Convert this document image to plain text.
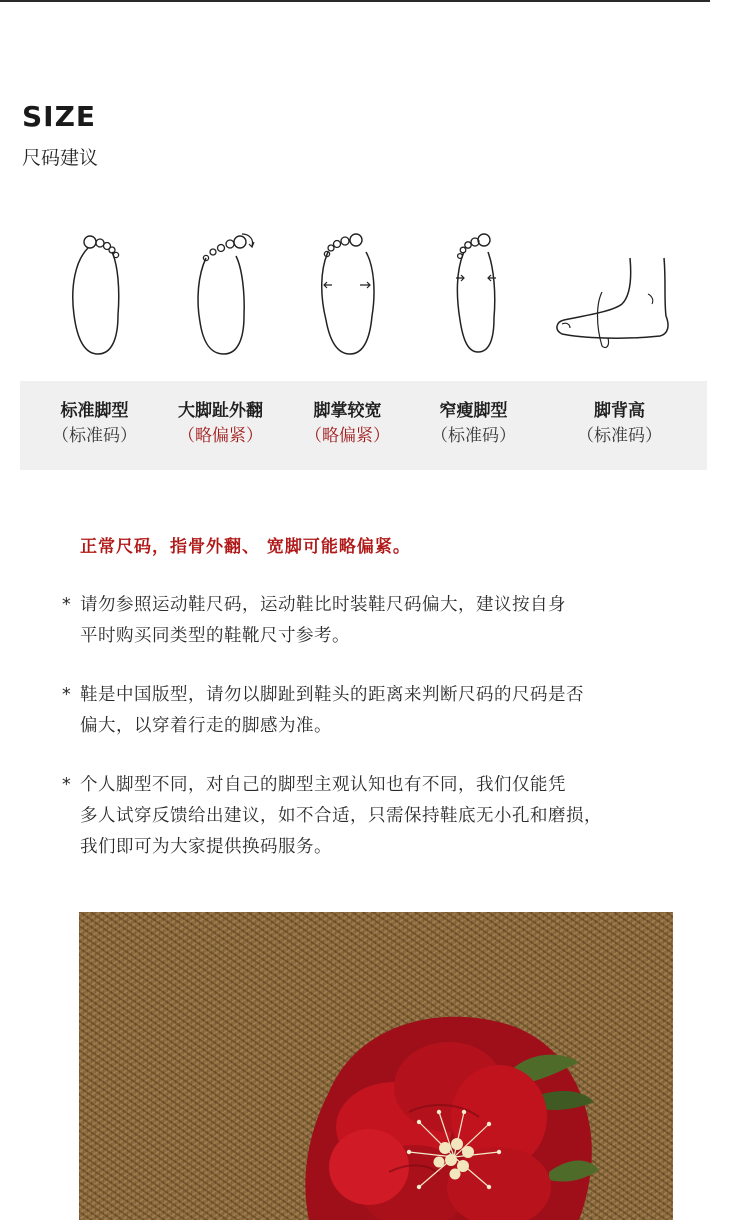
SIZE
尺码建议
标准脚型
（标准码）
大脚趾外翻
（略偏紧）
脚掌较宽
（略偏紧）
窄瘦脚型
（标准码）
脚背高
（标准码）
正常尺码，指骨外翻、 宽脚可能略偏紧。
* 请勿参照运动鞋尺码，运动鞋比时装鞋尺码偏大，建议按自身
平时购买同类型的鞋靴尺寸参考。
* 鞋是中国版型，请勿以脚趾到鞋头的距离来判断尺码的尺码是否
偏大，以穿着行走的脚感为准。
* 个人脚型不同，对自己的脚型主观认知也有不同，我们仅能凭
多人试穿反馈给出建议，如不合适，只需保持鞋底无小孔和磨损，
我们即可为大家提供换码服务。
